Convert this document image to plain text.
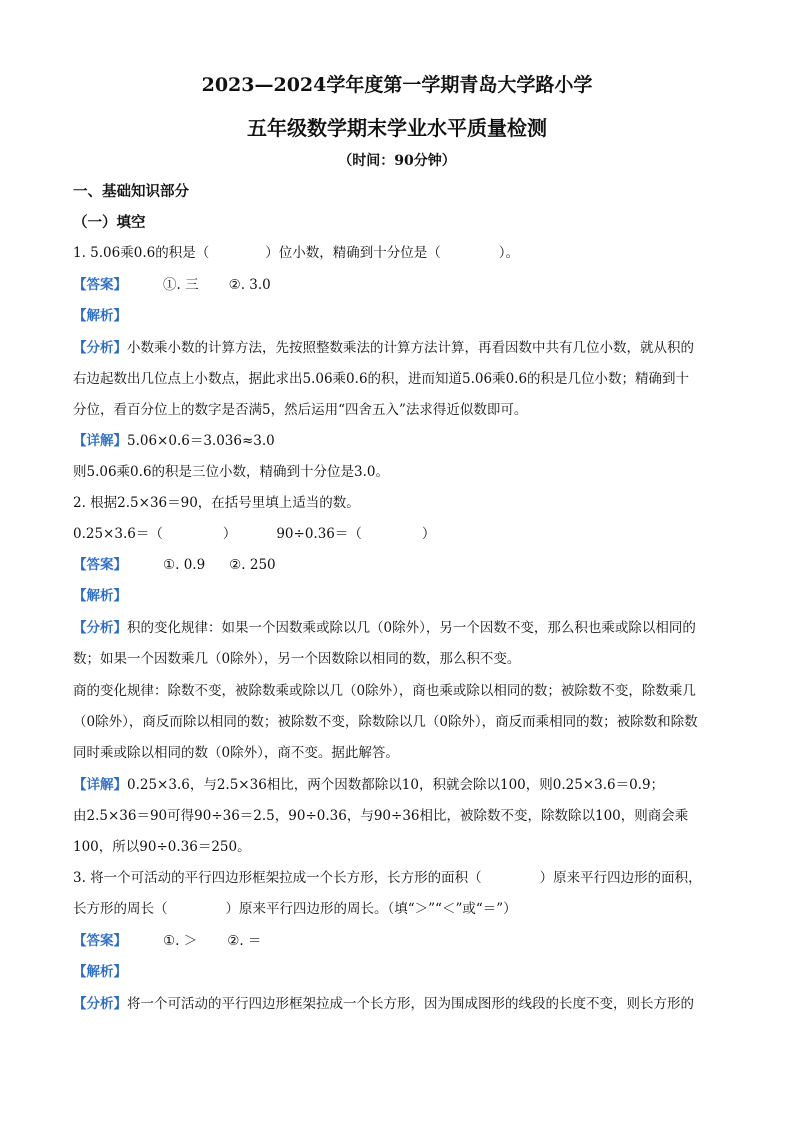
2023—2024学年度第一学期青岛大学路小学
五年级数学期末学业水平质量检测
（时间：90分钟）
一、基础知识部分
（一）填空
1. 5.06乘0.6的积是（	）位小数，精确到十分位是（	）。
【答案】	①. 三 ②. 3.0
【解析】
【分析】小数乘小数的计算方法，先按照整数乘法的计算方法计算，再看因数中共有几位小数，就从积的
右边起数出几位点上小数点，据此求出5.06乘0.6的积，进而知道5.06乘0.6的积是几位小数；精确到十
分位，看百分位上的数字是否满5，然后运用“四舍五入”法求得近似数即可。
【详解】5.06×0.6＝3.036≈3.0
则5.06乘0.6的积是三位小数，精确到十分位是3.0。
2. 根据2.5×36＝90，在括号里填上适当的数。
0.25×3.6＝（	）	90÷0.36＝（	）
【答案】	①. 0.9 ②. 250
【解析】
【分析】积的变化规律：如果一个因数乘或除以几（0除外），另一个因数不变，那么积也乘或除以相同的
数；如果一个因数乘几（0除外），另一个因数除以相同的数，那么积不变。
商的变化规律：除数不变，被除数乘或除以几（0除外），商也乘或除以相同的数；被除数不变，除数乘几
（0除外），商反而除以相同的数；被除数不变，除数除以几（0除外），商反而乘相同的数；被除数和除数
同时乘或除以相同的数（0除外），商不变。据此解答。
【详解】0.25×3.6，与2.5×36相比，两个因数都除以10，积就会除以100，则0.25×3.6＝0.9；
由2.5×36＝90可得90÷36＝2.5，90÷0.36，与90÷36相比，被除数不变，除数除以100，则商会乘
100，所以90÷0.36＝250。
3. 将一个可活动的平行四边形框架拉成一个长方形，长方形的面积（	）原来平行四边形的面积，
长方形的周长（	）原来平行四边形的周长。（填“＞”“＜”或“＝”）
【答案】	①. ＞ ②. ＝
【解析】
【分析】将一个可活动的平行四边形框架拉成一个长方形，因为围成图形的线段的长度不变，则长方形的
